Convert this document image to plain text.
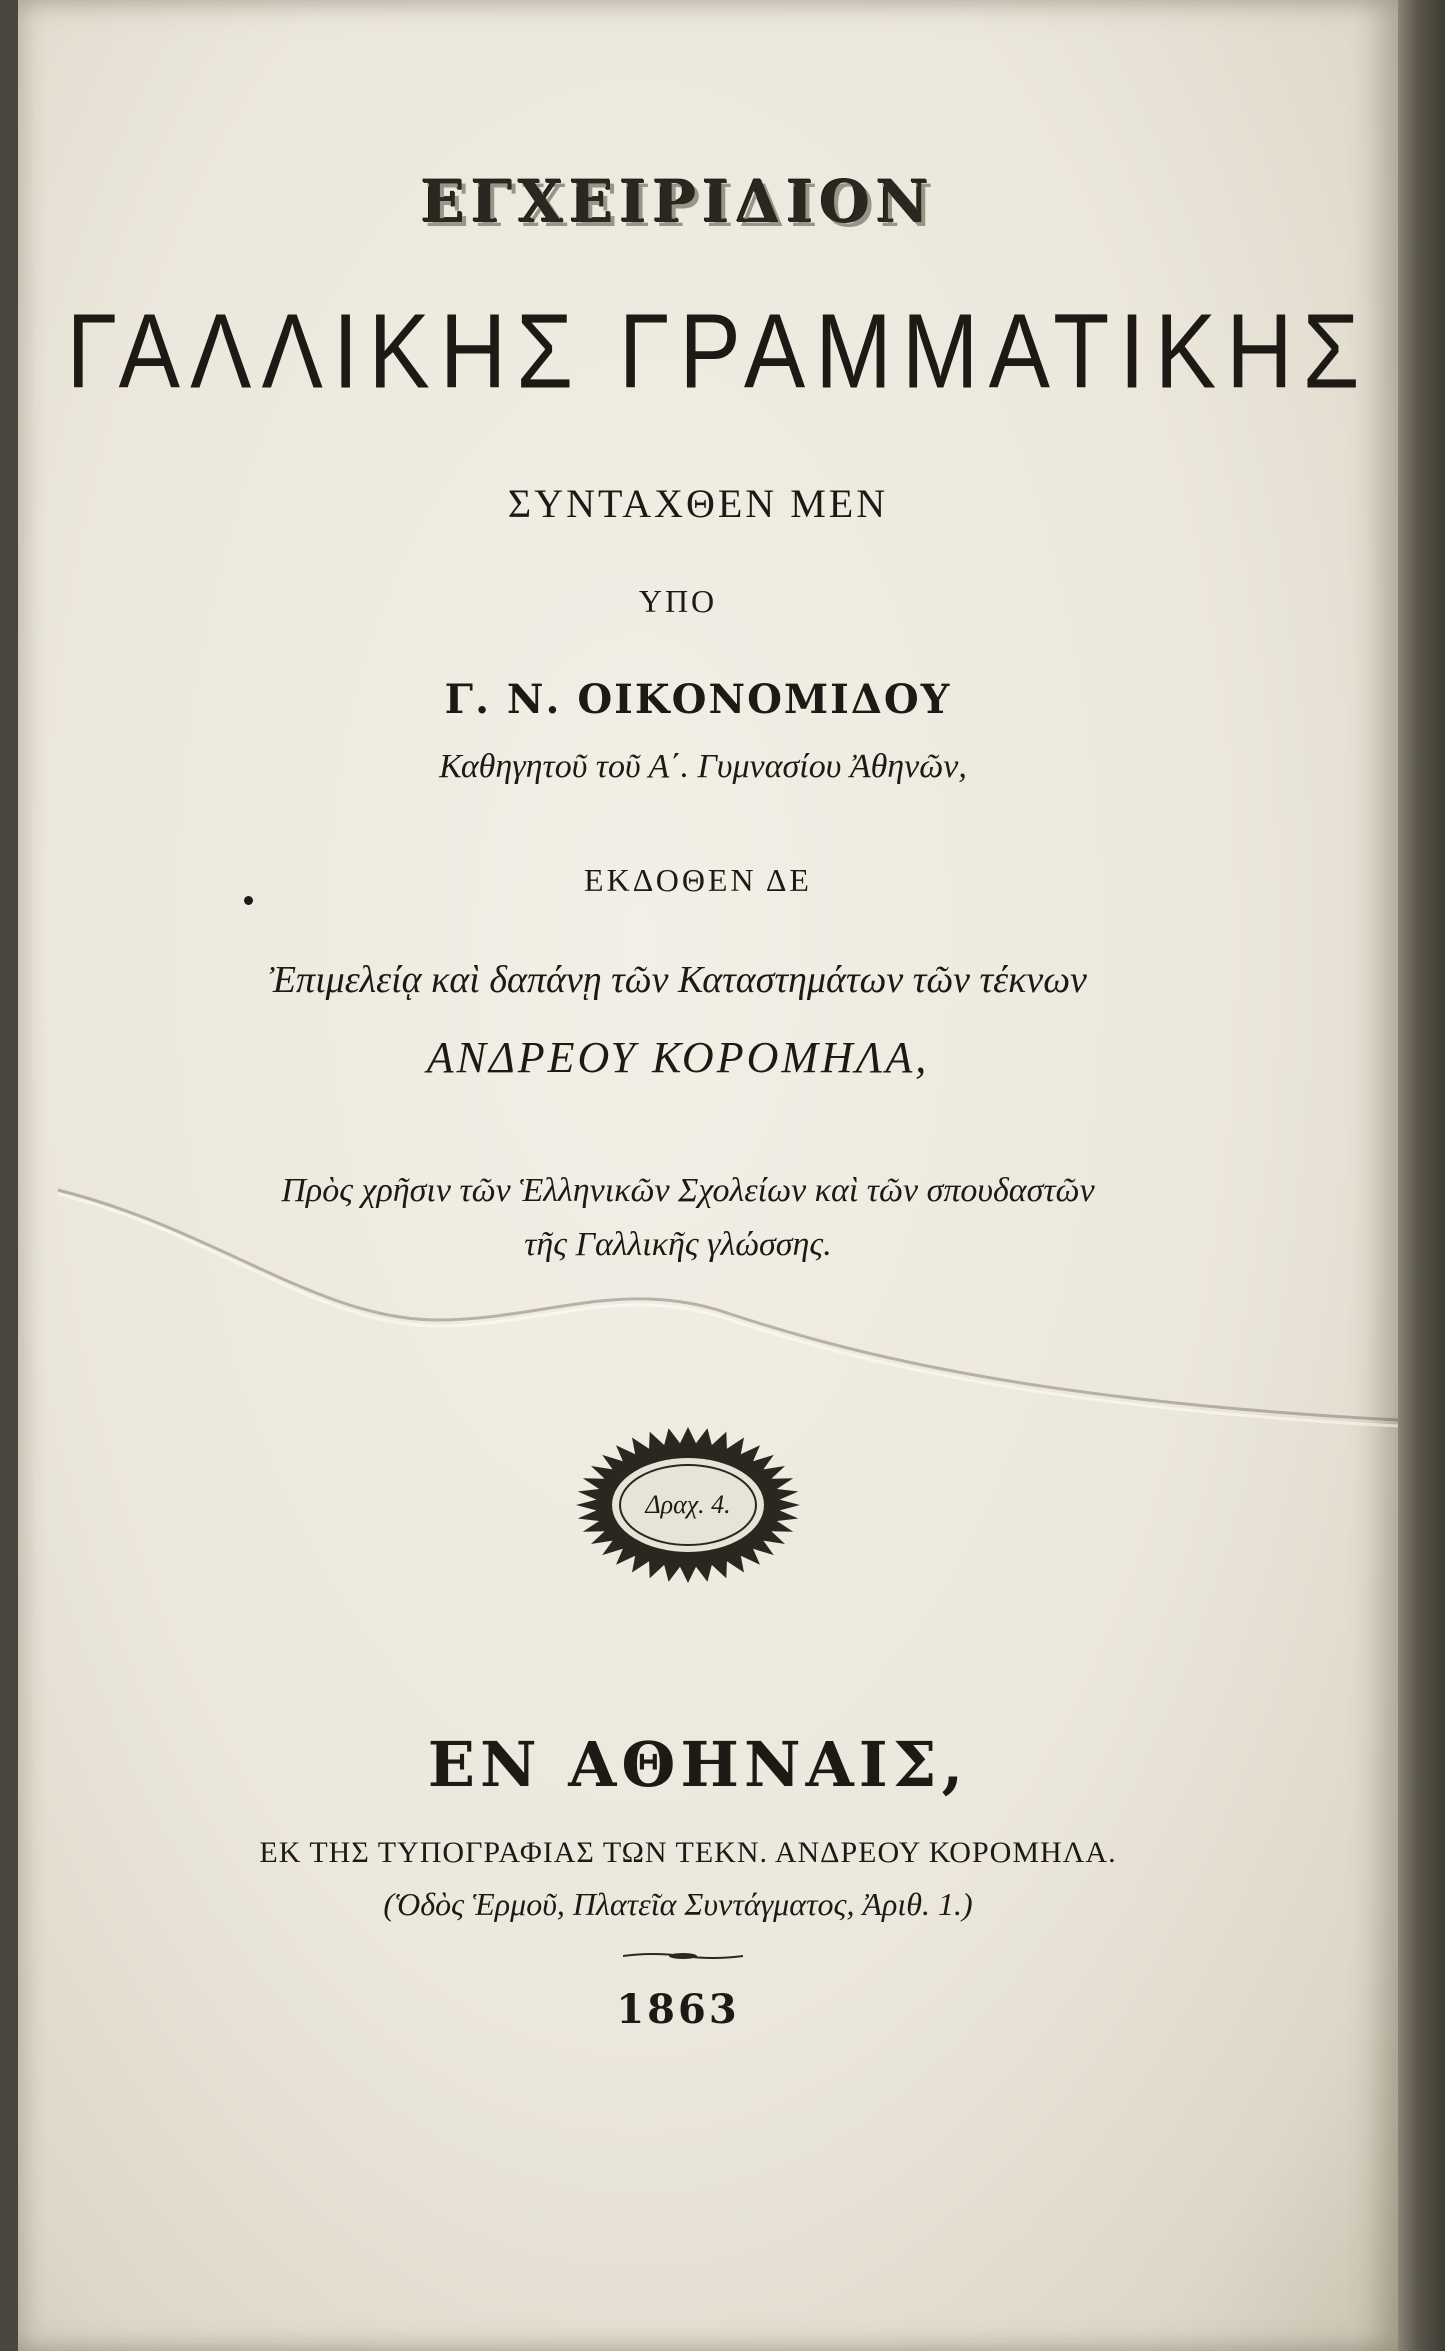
ΕΓΧΕΙΡΙΔΙΟΝ
ΓΑΛΛΙΚΗΣ ΓΡΑΜΜΑΤΙΚΗΣ
ΣΥΝΤΑΧΘΕΝ ΜΕΝ
ΥΠΟ
Γ. Ν. ΟΙΚΟΝΟΜΙΔΟΥ
Καθηγητοῦ τοῦ Α΄. Γυμνασίου Ἀθηνῶν,
ΕΚΔΟΘΕΝ ΔΕ
Ἐπιμελείᾳ καὶ δαπάνῃ τῶν Καταστημάτων τῶν τέκνων
ΑΝΔΡΕΟΥ ΚΟΡΟΜΗΛΑ,
Πρὸς χρῆσιν τῶν Ἑλληνικῶν Σχολείων καὶ τῶν σπουδαστῶν
τῆς Γαλλικῆς γλώσσης.
Δραχ. 4.
ΕΝ ΑΘΗΝΑΙΣ,
ΕΚ ΤΗΣ ΤΥΠΟΓΡΑΦΙΑΣ ΤΩΝ ΤΕΚΝ. ΑΝΔΡΕΟΥ ΚΟΡΟΜΗΛΑ.
(Ὁδὸς Ἑρμοῦ, Πλατεῖα Συντάγματος, Ἀριθ. 1.)
1863
